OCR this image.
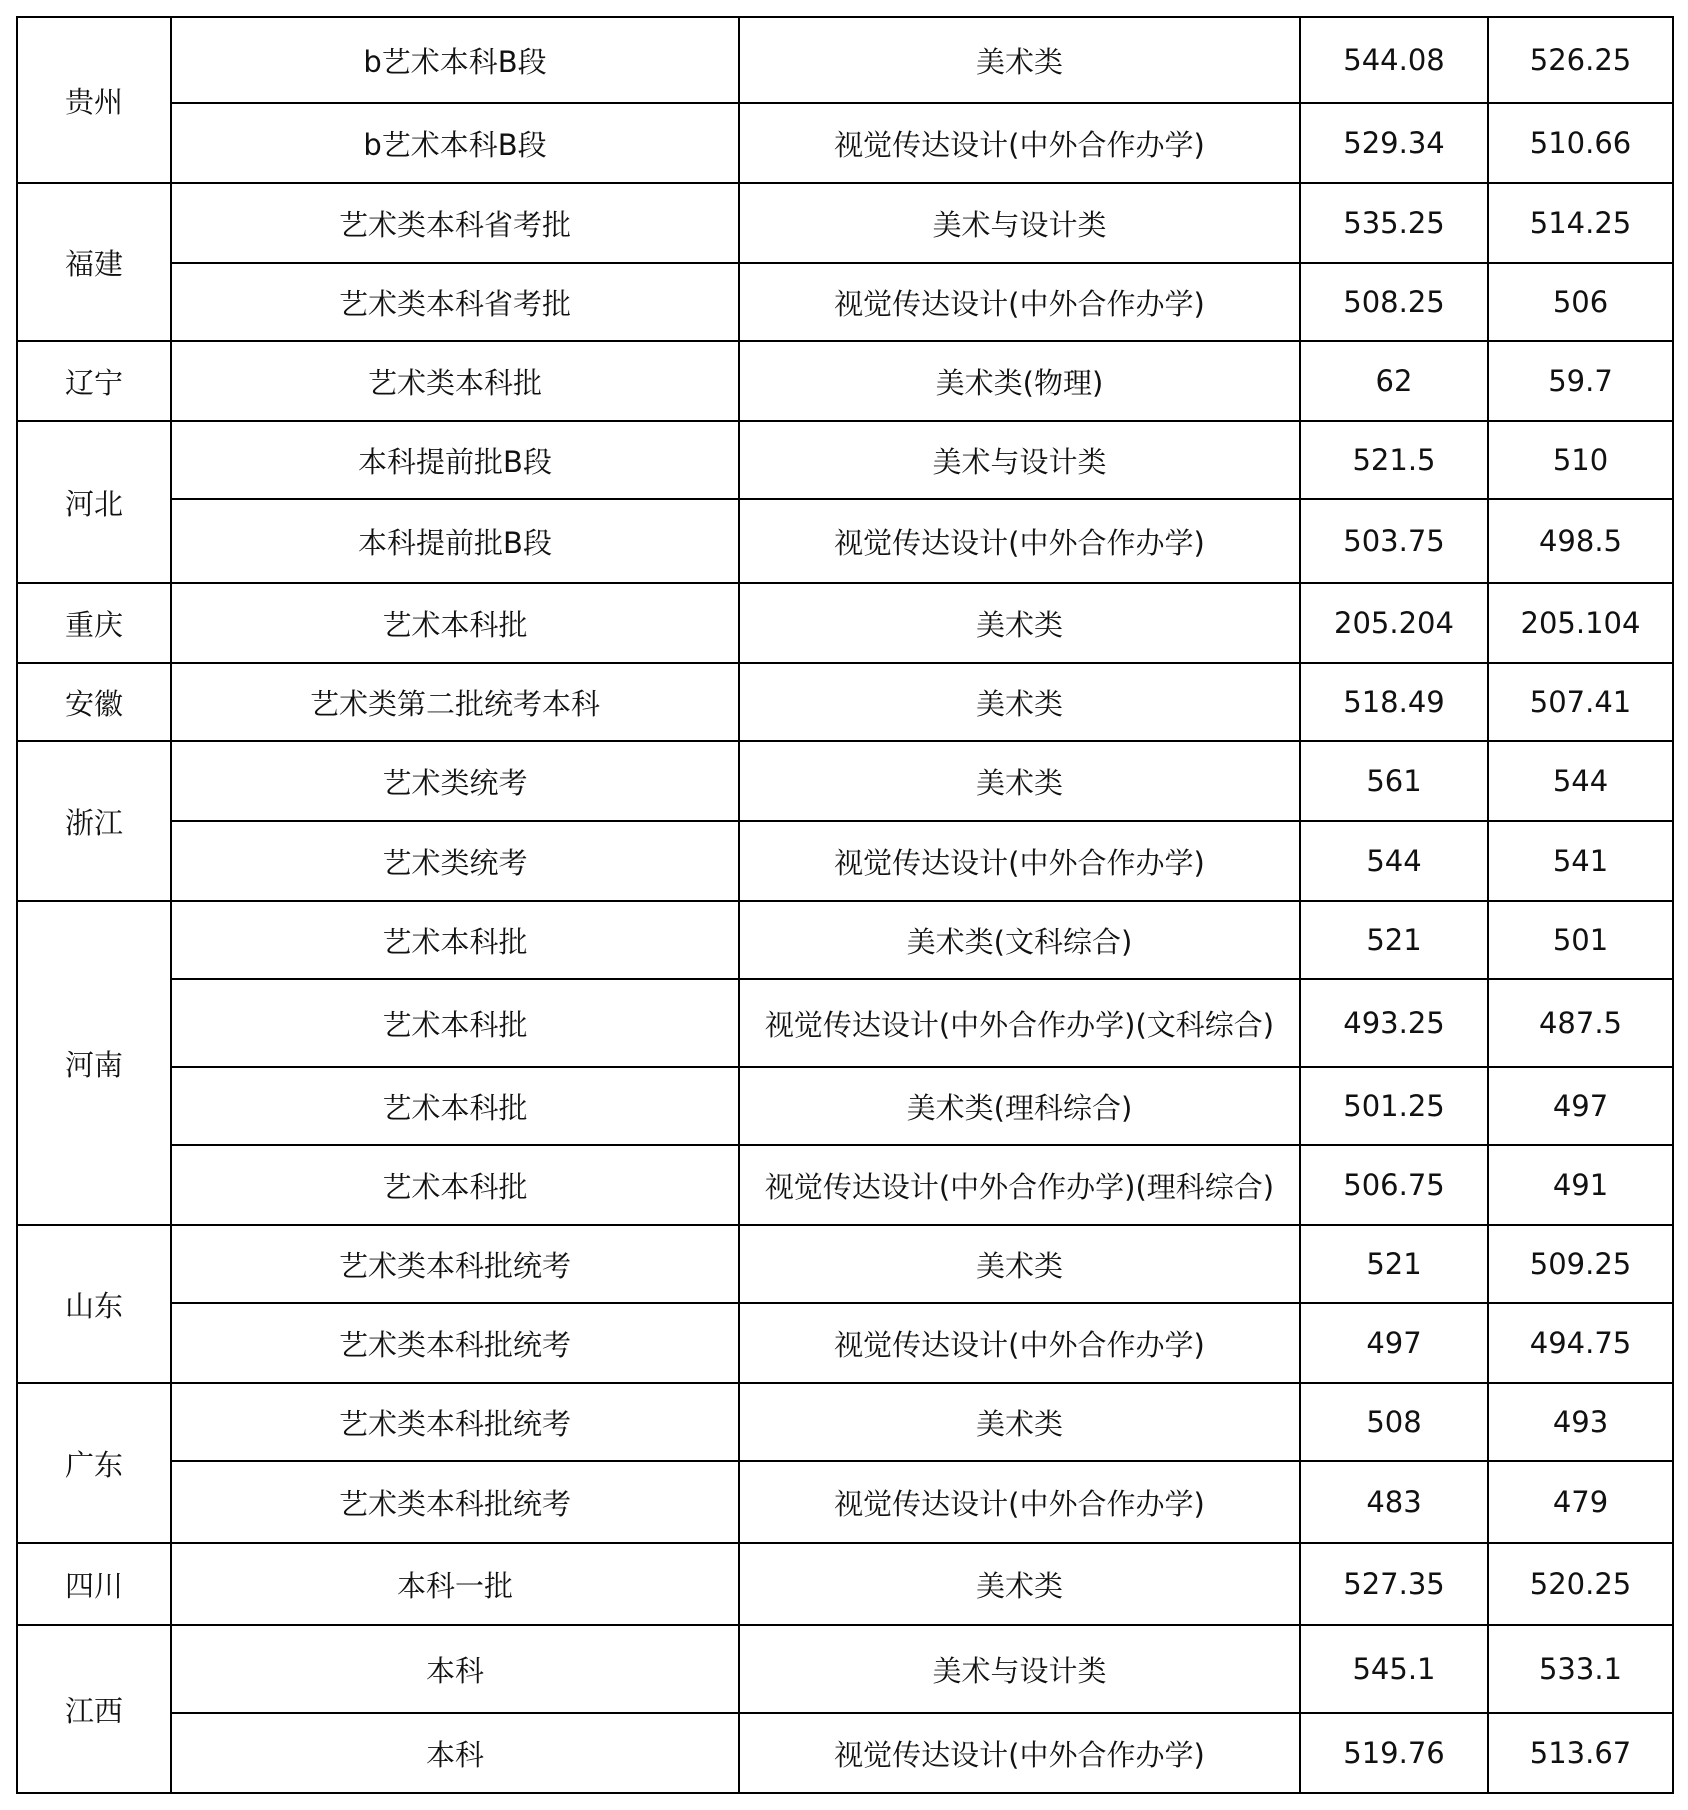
贵州	b艺术本科B段	美术类	544.08	526.25
	b艺术本科B段	视觉传达设计(中外合作办学)	529.34	510.66
福建	艺术类本科省考批	美术与设计类	535.25	514.25
	艺术类本科省考批	视觉传达设计(中外合作办学)	508.25	506
辽宁	艺术类本科批	美术类(物理)	62	59.7
河北	本科提前批B段	美术与设计类	521.5	510
	本科提前批B段	视觉传达设计(中外合作办学)	503.75	498.5
重庆	艺术本科批	美术类	205.204	205.104
安徽	艺术类第二批统考本科	美术类	518.49	507.41
浙江	艺术类统考	美术类	561	544
	艺术类统考	视觉传达设计(中外合作办学)	544	541
河南	艺术本科批	美术类(文科综合)	521	501
	艺术本科批	视觉传达设计(中外合作办学)(文科综合)	493.25	487.5
	艺术本科批	美术类(理科综合)	501.25	497
	艺术本科批	视觉传达设计(中外合作办学)(理科综合)	506.75	491
山东	艺术类本科批统考	美术类	521	509.25
	艺术类本科批统考	视觉传达设计(中外合作办学)	497	494.75
广东	艺术类本科批统考	美术类	508	493
	艺术类本科批统考	视觉传达设计(中外合作办学)	483	479
四川	本科一批	美术类	527.35	520.25
江西	本科	美术与设计类	545.1	533.1
	本科	视觉传达设计(中外合作办学)	519.76	513.67
